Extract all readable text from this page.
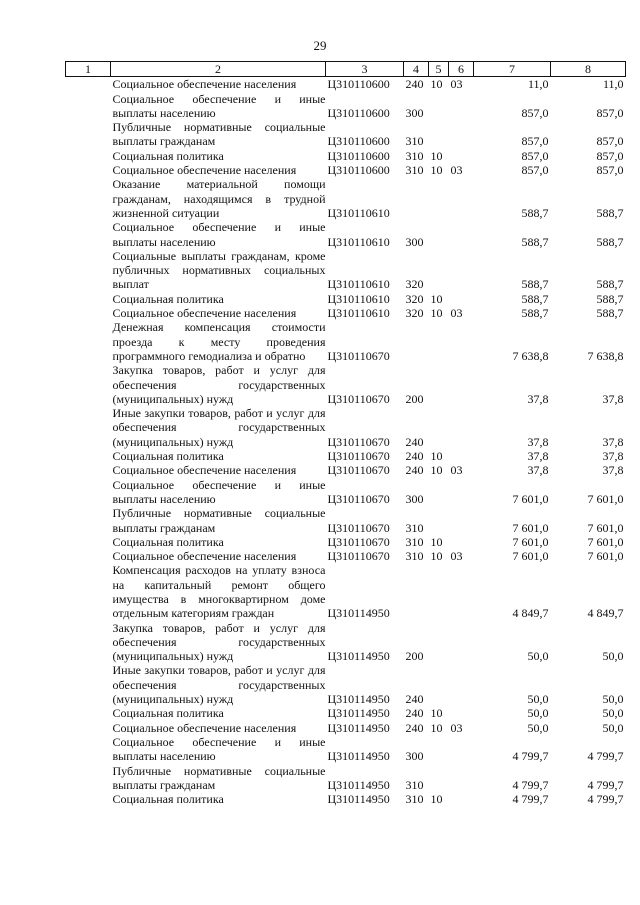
29
1	2	3	4	5	6	7	8
Социальное обеспечение населения		Ц310110600	240	10	03	11,0	11,0
Социальное обеспечение и иные выплаты населению		Ц310110600	300			857,0	857,0
Публичные нормативные социальные выплаты гражданам		Ц310110600	310			857,0	857,0
Социальная политика		Ц310110600	310	10		857,0	857,0
Социальное обеспечение населения		Ц310110600	310	10	03	857,0	857,0
Оказание материальной помощи гражданам, находящимся в трудной жизненной ситуации		Ц310110610				588,7	588,7
Социальное обеспечение и иные выплаты населению		Ц310110610	300			588,7	588,7
Социальные выплаты гражданам, кроме публичных нормативных социальных выплат		Ц310110610	320			588,7	588,7
Социальная политика		Ц310110610	320	10		588,7	588,7
Социальное обеспечение населения		Ц310110610	320	10	03	588,7	588,7
Денежная компенсация стоимости проезда к месту проведения программного гемодиализа и обратно		Ц310110670				7 638,8	7 638,8
Закупка товаров, работ и услуг для обеспечения государственных (муниципальных) нужд		Ц310110670	200			37,8	37,8
Иные закупки товаров, работ и услуг для обеспечения государственных (муниципальных) нужд		Ц310110670	240			37,8	37,8
Социальная политика		Ц310110670	240	10		37,8	37,8
Социальное обеспечение населения		Ц310110670	240	10	03	37,8	37,8
Социальное обеспечение и иные выплаты населению		Ц310110670	300			7 601,0	7 601,0
Публичные нормативные социальные выплаты гражданам		Ц310110670	310			7 601,0	7 601,0
Социальная политика		Ц310110670	310	10		7 601,0	7 601,0
Социальное обеспечение населения		Ц310110670	310	10	03	7 601,0	7 601,0
Компенсация расходов на уплату взноса на капитальный ремонт общего имущества в многоквартирном доме отдельным категориям граждан		Ц310114950				4 849,7	4 849,7
Закупка товаров, работ и услуг для обеспечения государственных (муниципальных) нужд		Ц310114950	200			50,0	50,0
Иные закупки товаров, работ и услуг для обеспечения государственных (муниципальных) нужд		Ц310114950	240			50,0	50,0
Социальная политика		Ц310114950	240	10		50,0	50,0
Социальное обеспечение населения		Ц310114950	240	10	03	50,0	50,0
Социальное обеспечение и иные выплаты населению		Ц310114950	300			4 799,7	4 799,7
Публичные нормативные социальные выплаты гражданам		Ц310114950	310			4 799,7	4 799,7
Социальная политика		Ц310114950	310	10		4 799,7	4 799,7
